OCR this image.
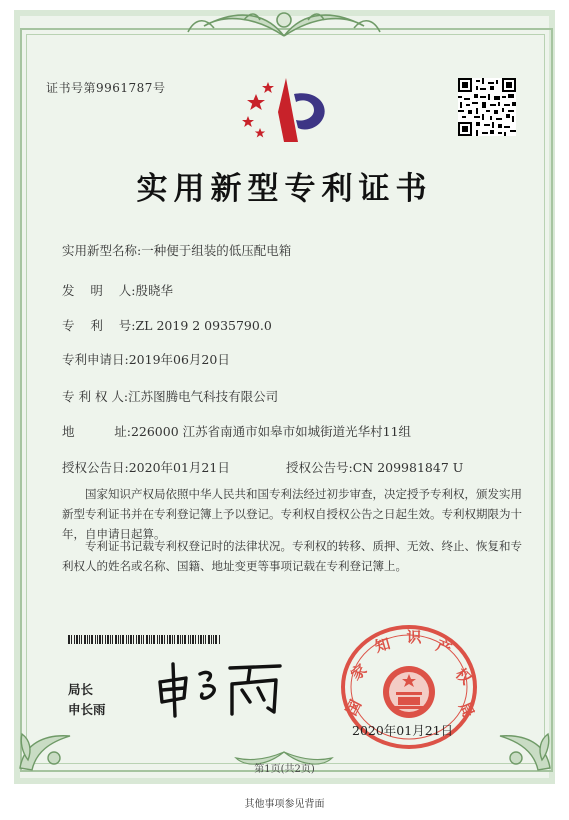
证书号第9961787号

实用新型专利证书
实用新型名称:一种便于组装的低压配电箱
发    明    人:殷晓华
专    利    号:ZL 2019 2 0935790.0
专利申请日:2019年06月20日
专 利 权 人:江苏图腾电气科技有限公司
地          址:226000 江苏省南通市如皋市如城街道光华村11组
授权公告日:2020年01月21日	授权公告号:CN 209981847 U

国家知识产权局依照中华人民共和国专利法经过初步审查，决定授予专利权，颁发实用新型专利证书并在专利登记簿上予以登记。专利权自授权公告之日起生效。专利权期限为十年，自申请日起算。

专利证书记载专利权登记时的法律状况。专利权的转移、质押、无效、终止、恢复和专利权人的姓名或名称、国籍、地址变更等事项记载在专利登记簿上。

局长

申长雨	国
家
知 识 产
权
局

2020年01月21日

第1页(共2页)

其他事项参见背面
